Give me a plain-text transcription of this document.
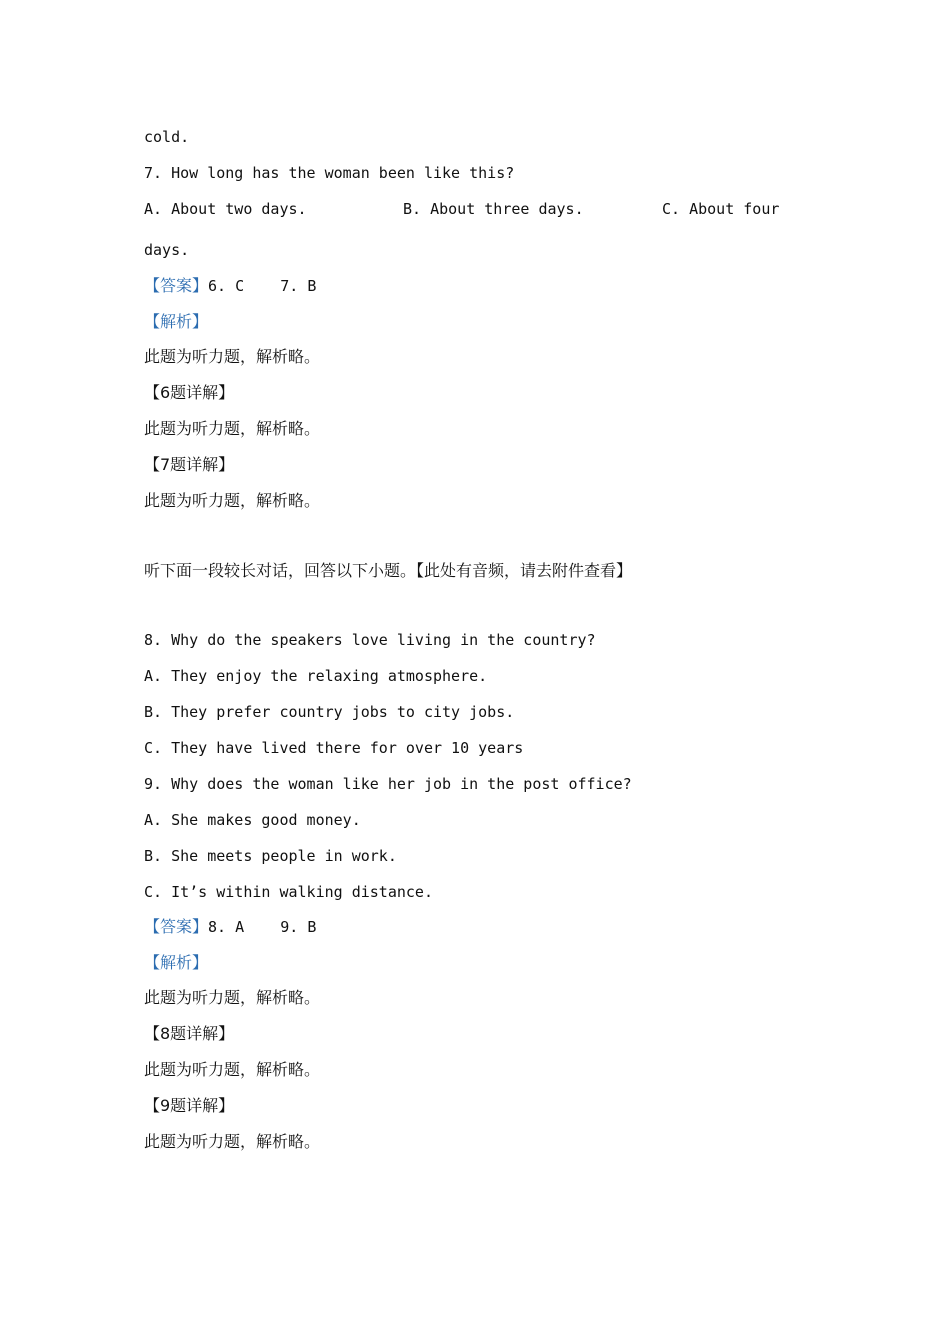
cold.
7. How long has the woman been like this?
A. About two days.	B. About three days.	C. About four
days.
【答案】6. C    7. B
【解析】
此题为听力题，解析略。
【6题详解】
此题为听力题，解析略。
【7题详解】
此题为听力题，解析略。
听下面一段较长对话，回答以下小题。【此处有音频，请去附件查看】
8. Why do the speakers love living in the country?
A. They enjoy the relaxing atmosphere.
B. They prefer country jobs to city jobs.
C. They have lived there for over 10 years
9. Why does the woman like her job in the post office?
A. She makes good money.
B. She meets people in work.
C. It’s within walking distance.
【答案】8. A    9. B
【解析】
此题为听力题，解析略。
【8题详解】
此题为听力题，解析略。
【9题详解】
此题为听力题，解析略。
